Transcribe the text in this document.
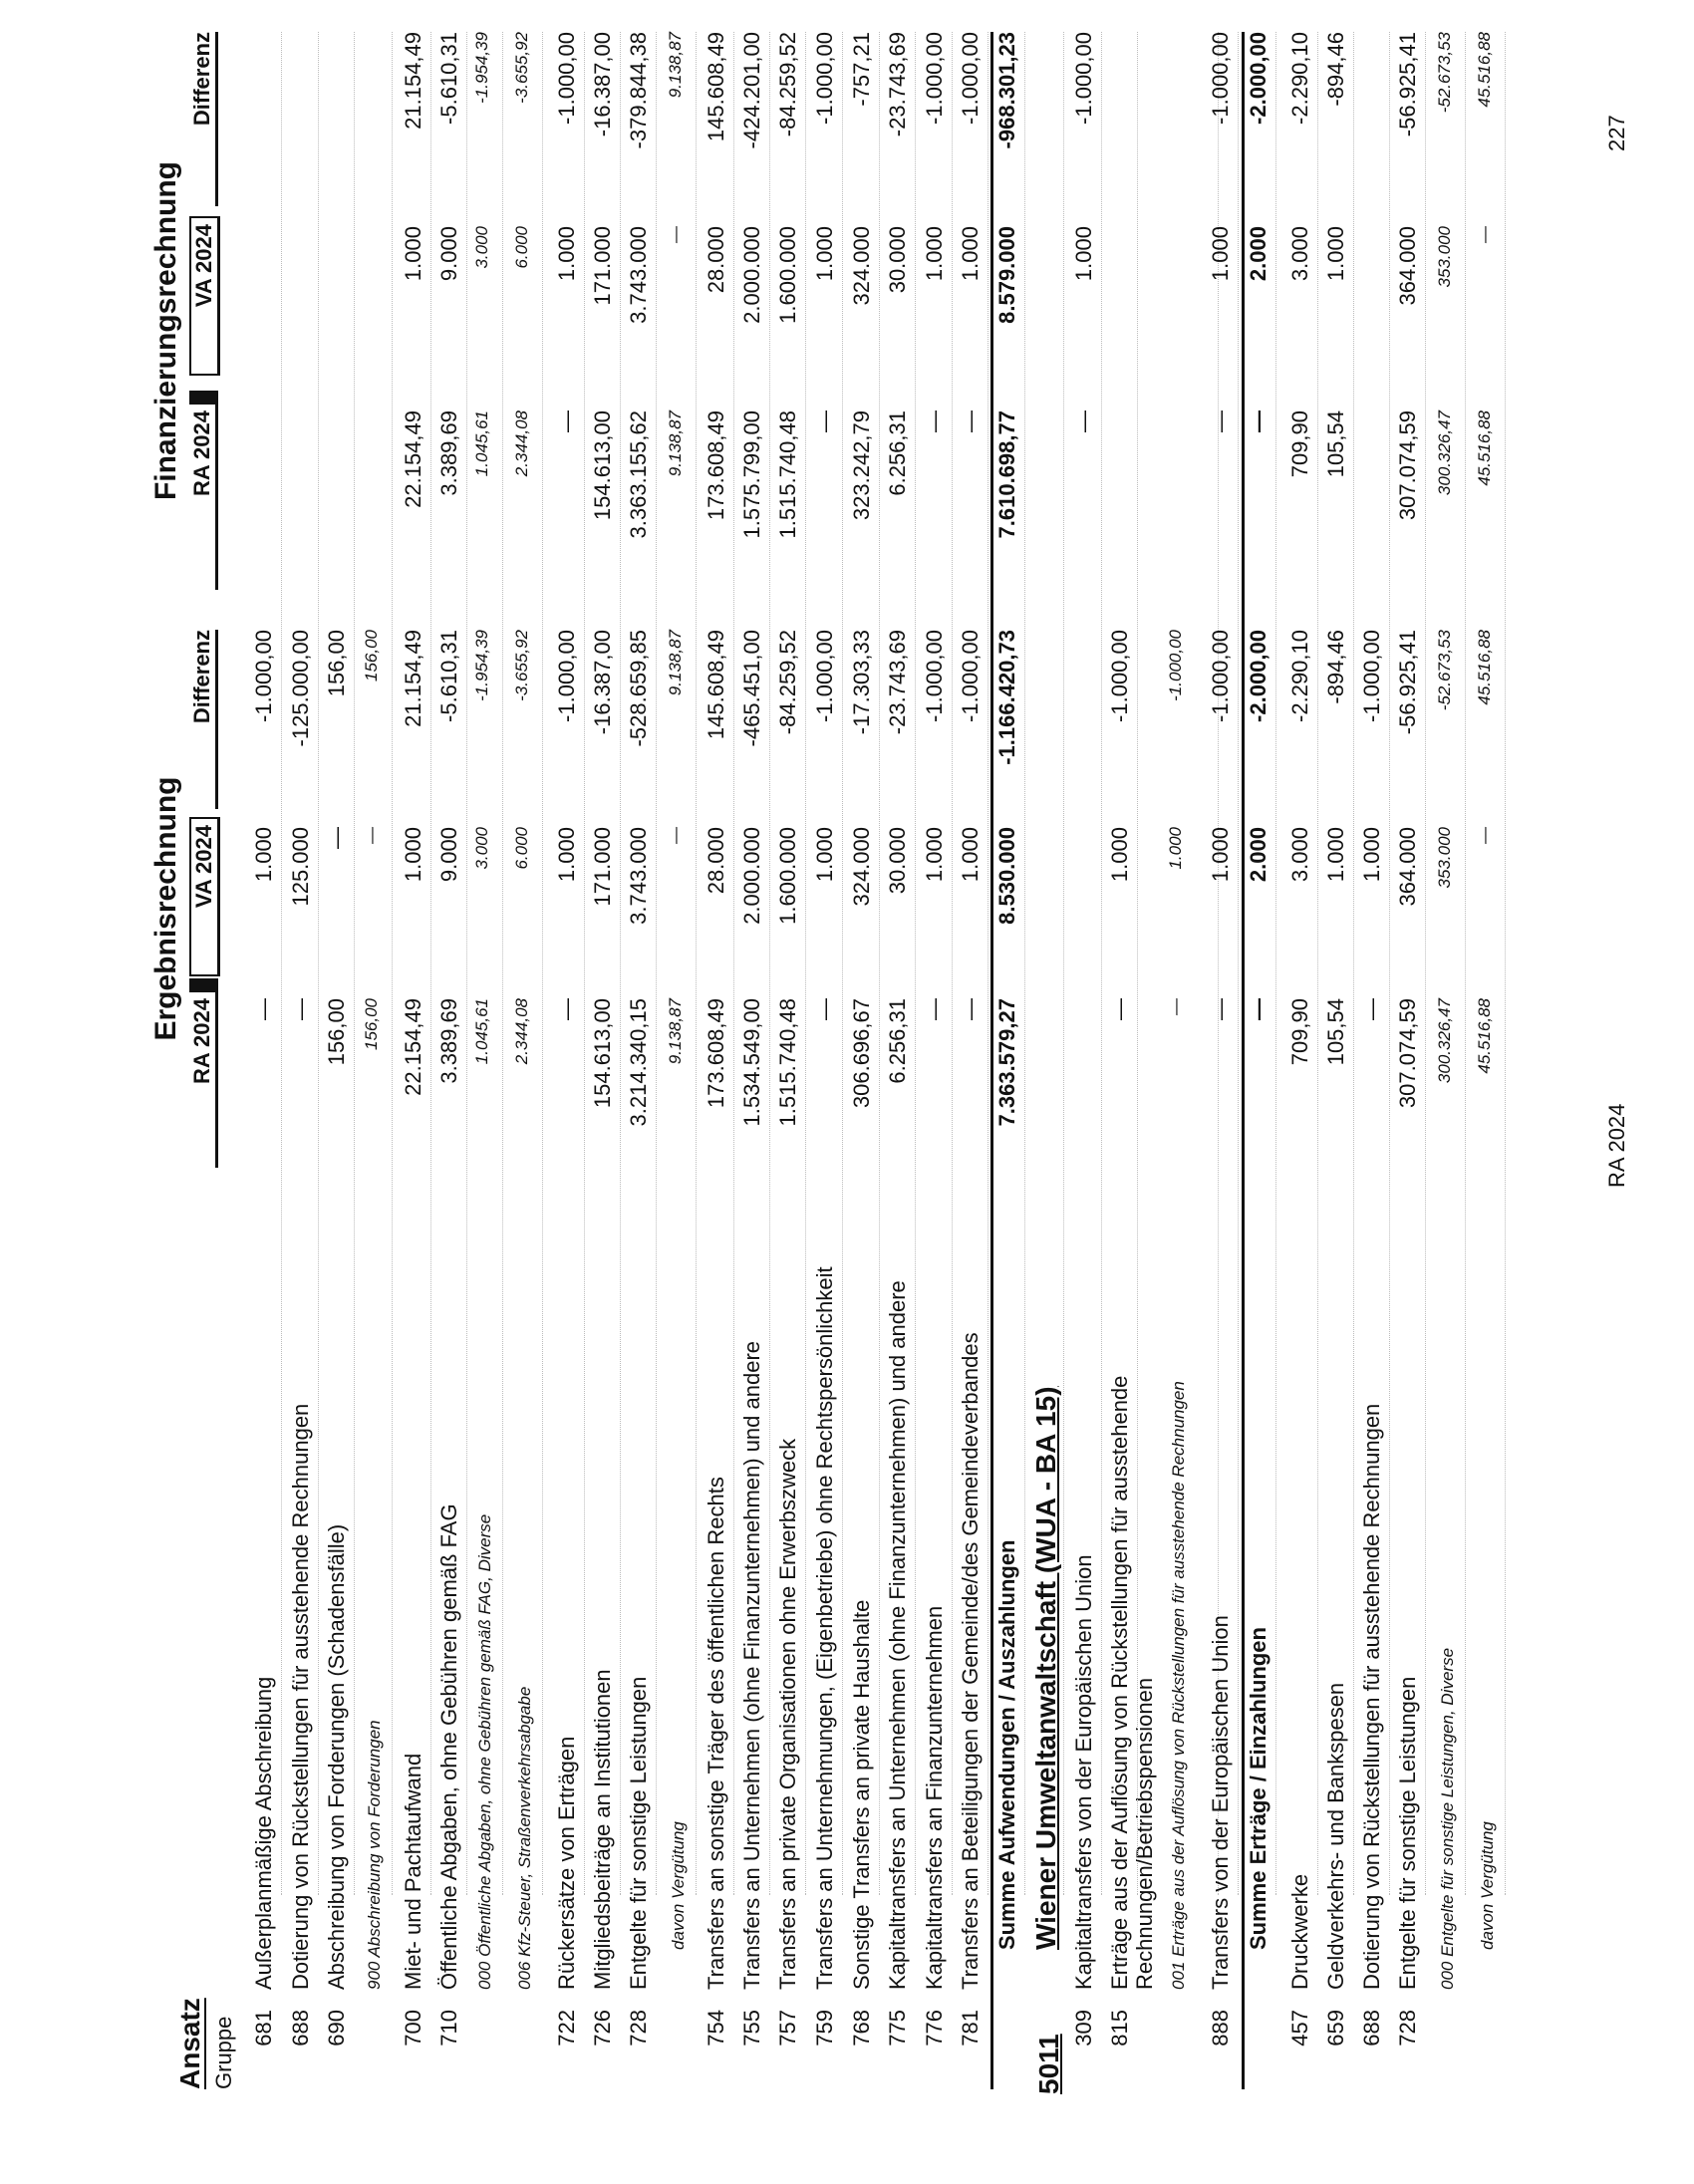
Ergebnisrechnung
Finanzierungsrechnung
RA 2024
VA 2024
Differenz
RA 2024
VA 2024
Differenz
Ansatz Gruppe 681
Außerplanmäßige Abschreibung
—
1.000
-1.000,00
688
Dotierung von Rückstellungen für ausstehende Rechnungen
—
125.000
-125.000,00
690
Abschreibung von Forderungen (Schadensfälle)
156,00
—
156,00
900 Abschreibung von Forderungen
156,00
—
156,00
700
Miet- und Pachtaufwand
22.154,49
1.000
21.154,49
22.154,49
1.000
21.154,49
710
Öffentliche Abgaben, ohne Gebühren gemäß FAG
3.389,69
9.000
-5.610,31
3.389,69
9.000
-5.610,31
000 Öffentliche Abgaben, ohne Gebühren gemäß FAG, Diverse
1.045,61
3.000
-1.954,39
1.045,61
3.000
-1.954,39
006 Kfz-Steuer, Straßenverkehrsabgabe
2.344,08
6.000
-3.655,92
2.344,08
6.000
-3.655,92
722
Rückersätze von Erträgen
—
1.000
-1.000,00
—
1.000
-1.000,00
726
Mitgliedsbeiträge an Institutionen
154.613,00
171.000
-16.387,00
154.613,00
171.000
-16.387,00
728
Entgelte für sonstige Leistungen
3.214.340,15
3.743.000
-528.659,85
3.363.155,62
3.743.000
-379.844,38
davon Vergütung
9.138,87
—
9.138,87
9.138,87
—
9.138,87
754
Transfers an sonstige Träger des öffentlichen Rechts
173.608,49
28.000
145.608,49
173.608,49
28.000
145.608,49
755
Transfers an Unternehmen (ohne Finanzunternehmen) und andere
1.534.549,00
2.000.000
-465.451,00
1.575.799,00
2.000.000
-424.201,00
757
Transfers an private Organisationen ohne Erwerbszweck
1.515.740,48
1.600.000
-84.259,52
1.515.740,48
1.600.000
-84.259,52
759
Transfers an Unternehmungen, (Eigenbetriebe) ohne Rechtspersönlichkeit
—
1.000
-1.000,00
—
1.000
-1.000,00
768
Sonstige Transfers an private Haushalte
306.696,67
324.000
-17.303,33
323.242,79
324.000
-757,21
775
Kapitaltransfers an Unternehmen (ohne Finanzunternehmen) und andere
6.256,31
30.000
-23.743,69
6.256,31
30.000
-23.743,69
776
Kapitaltransfers an Finanzunternehmen
—
1.000
-1.000,00
—
1.000
-1.000,00
781
Transfers an Beteiligungen der Gemeinde/des Gemeindeverbandes
—
1.000
-1.000,00
—
1.000
-1.000,00
Summe Aufwendungen / Auszahlungen
7.363.579,27
8.530.000
-1.166.420,73
7.610.698,77
8.579.000
-968.301,23
5011
Wiener Umweltanwaltschaft (WUA - BA 15)
309
Kapitaltransfers von der Europäischen Union
—
1.000
-1.000,00
815
Erträge aus der Auflösung von Rückstellungen für ausstehende Rechnungen/Betriebspensionen
—
1.000
-1.000,00
001 Erträge aus der Auflösung von Rückstellungen für ausstehende Rechnungen
—
1.000
-1.000,00
888
Transfers von der Europäischen Union
—
1.000
-1.000,00
—
1.000
-1.000,00
Summe Erträge / Einzahlungen
—
2.000
-2.000,00
—
2.000
-2.000,00
457
Druckwerke
709,90
3.000
-2.290,10
709,90
3.000
-2.290,10
659
Geldverkehrs- und Bankspesen
105,54
1.000
-894,46
105,54
1.000
-894,46
688
Dotierung von Rückstellungen für ausstehende Rechnungen
—
1.000
-1.000,00
728
Entgelte für sonstige Leistungen
307.074,59
364.000
-56.925,41
307.074,59
364.000
-56.925,41
000 Entgelte für sonstige Leistungen, Diverse
300.326,47
353.000
-52.673,53
300.326,47
353.000
-52.673,53
davon Vergütung
45.516,88
—
45.516,88
45.516,88
—
45.516,88
RA 2024
227
